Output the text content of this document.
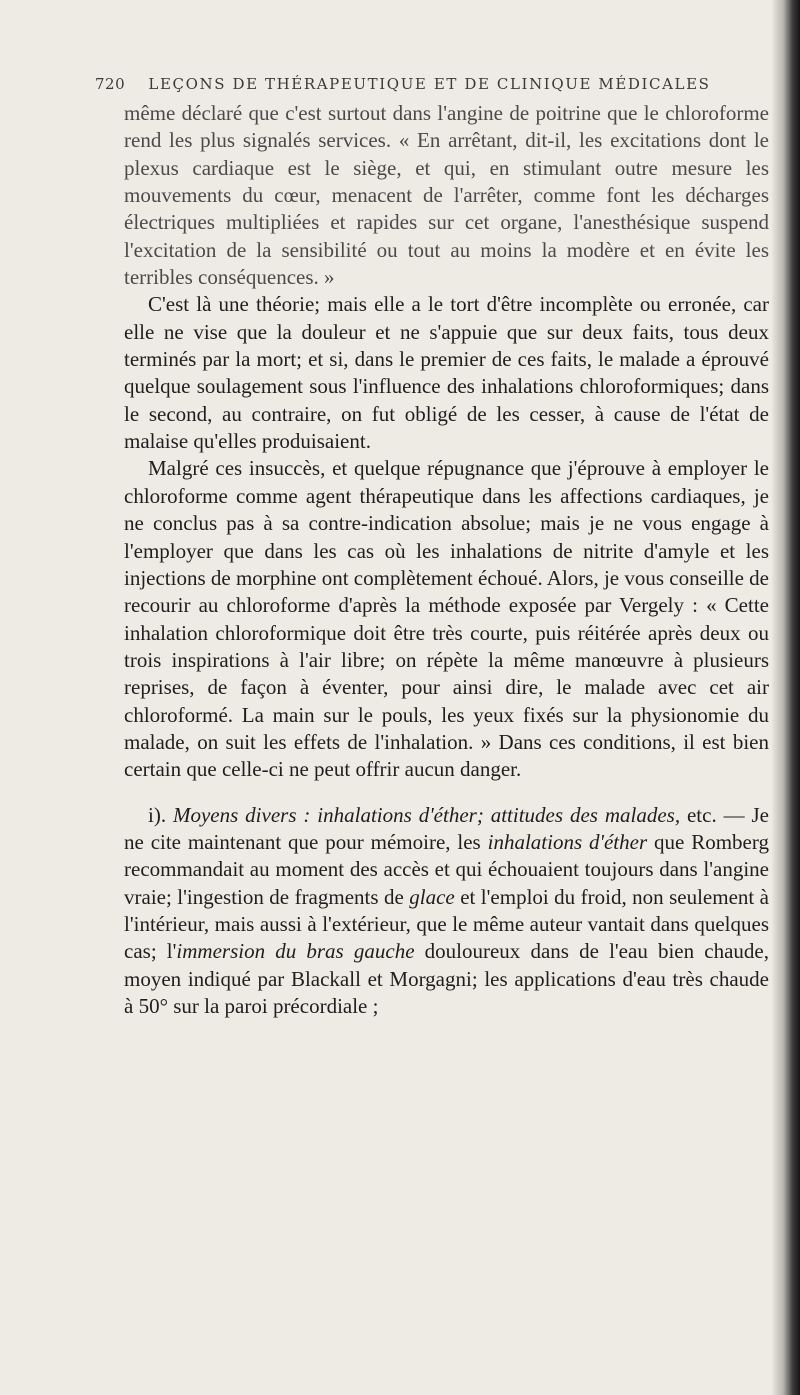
720 LEÇONS DE THÉRAPEUTIQUE ET DE CLINIQUE MÉDICALES

même déclaré que c'est surtout dans l'angine de poitrine que le chloroforme rend les plus signalés services. « En arrêtant, dit-il, les excitations dont le plexus cardiaque est le siège, et qui, en stimulant outre mesure les mouvements du cœur, menacent de l'arrêter, comme font les décharges électriques multipliées et rapides sur cet organe, l'anesthésique suspend l'excitation de la sensibilité ou tout au moins la modère et en évite les terribles conséquences. »

C'est là une théorie; mais elle a le tort d'être incomplète ou erronée, car elle ne vise que la douleur et ne s'appuie que sur deux faits, tous deux terminés par la mort; et si, dans le premier de ces faits, le malade a éprouvé quelque soulagement sous l'influence des inhalations chloroformiques; dans le second, au contraire, on fut obligé de les cesser, à cause de l'état de malaise qu'elles produisaient.

Malgré ces insuccès, et quelque répugnance que j'éprouve à employer le chloroforme comme agent thérapeutique dans les affections cardiaques, je ne conclus pas à sa contre-indication absolue; mais je ne vous engage à l'employer que dans les cas où les inhalations de nitrite d'amyle et les injections de morphine ont complètement échoué. Alors, je vous conseille de recourir au chloroforme d'après la méthode exposée par Vergely : « Cette inhalation chloroformique doit être très courte, puis réitérée après deux ou trois inspirations à l'air libre; on répète la même manœuvre à plusieurs reprises, de façon à éventer, pour ainsi dire, le malade avec cet air chloroformé. La main sur le pouls, les yeux fixés sur la physionomie du malade, on suit les effets de l'inhalation. » Dans ces conditions, il est bien certain que celle-ci ne peut offrir aucun danger.

i). Moyens divers : inhalations d'éther; attitudes des malades, etc. — Je ne cite maintenant que pour mémoire, les inhalations d'éther que Romberg recommandait au moment des accès et qui échouaient toujours dans l'angine vraie; l'ingestion de fragments de glace et l'emploi du froid, non seulement à l'intérieur, mais aussi à l'extérieur, que le même auteur vantait dans quelques cas; l'immersion du bras gauche douloureux dans de l'eau bien chaude, moyen indiqué par Blackall et Morgagni; les applications d'eau très chaude à 50° sur la paroi précordiale ;
